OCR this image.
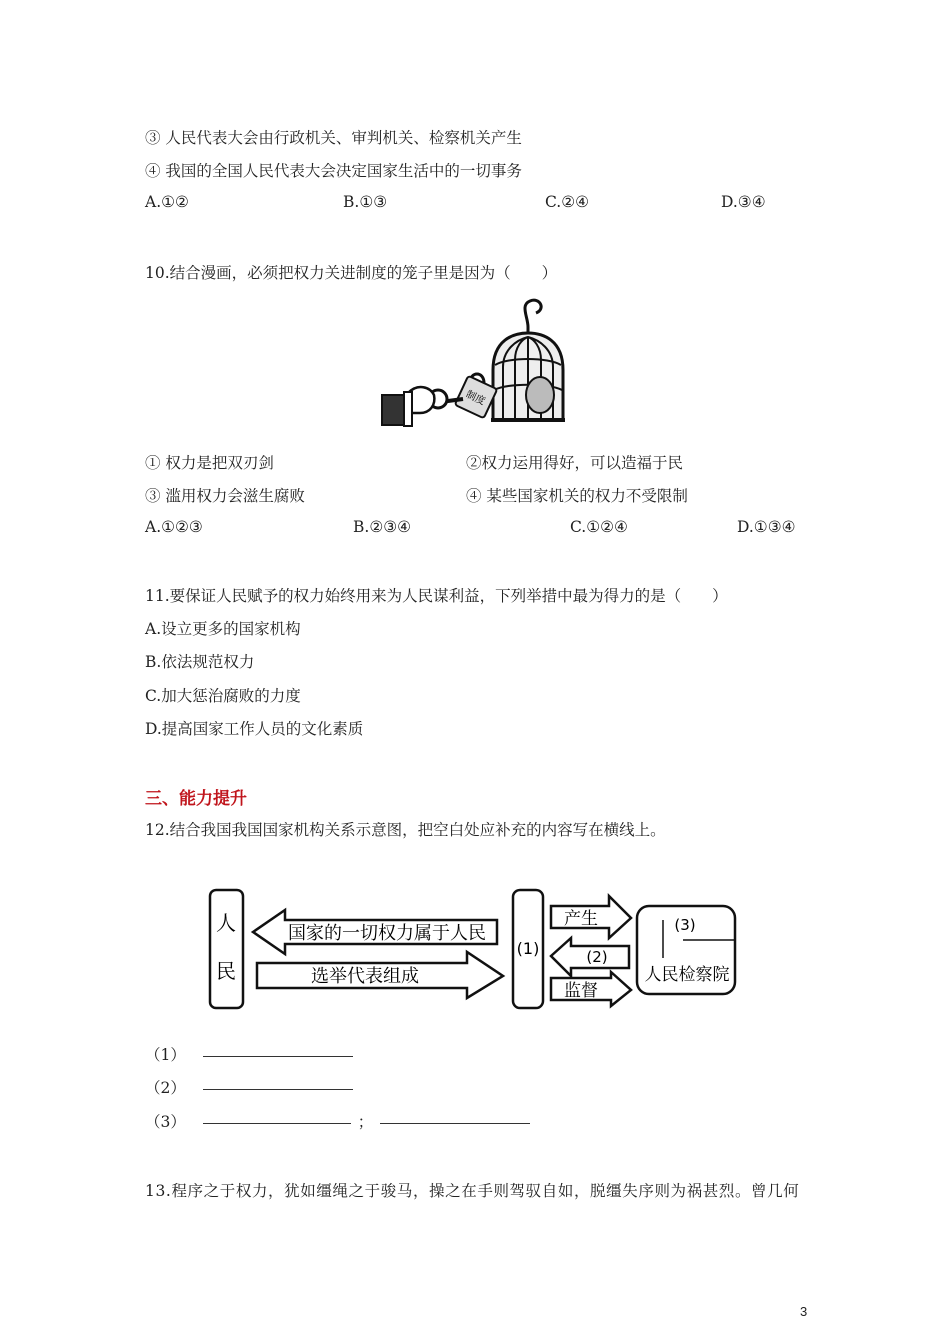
③ 人民代表大会由行政机关、审判机关、检察机关产生
④ 我国的全国人民代表大会决定国家生活中的一切事务
A.①②	B.①③	C.②④	D.③④
10.结合漫画，必须把权力关进制度的笼子里是因为（　　）
制度
① 权力是把双刃剑	②权力运用得好，可以造福于民
③ 滥用权力会滋生腐败	④ 某些国家机关的权力不受限制
A.①②③	B.②③④	C.①②④	D.①③④
11.要保证人民赋予的权力始终用来为人民谋利益，下列举措中最为得力的是（　　）
A.设立更多的国家机构
B.依法规范权力
C.加大惩治腐败的力度
D.提高国家工作人员的文化素质
三、能力提升
12.结合我国我国国家机构关系示意图，把空白处应补充的内容写在横线上。
人
民
国家的一切权力属于人民
选举代表组成
(1)
产生
(2)
监督
(3)
人民检察院
（1）
（2）
（3）	；
13.程序之于权力，犹如缰绳之于骏马，操之在手则驾驭自如，脱缰失序则为祸甚烈。曾几何
3
